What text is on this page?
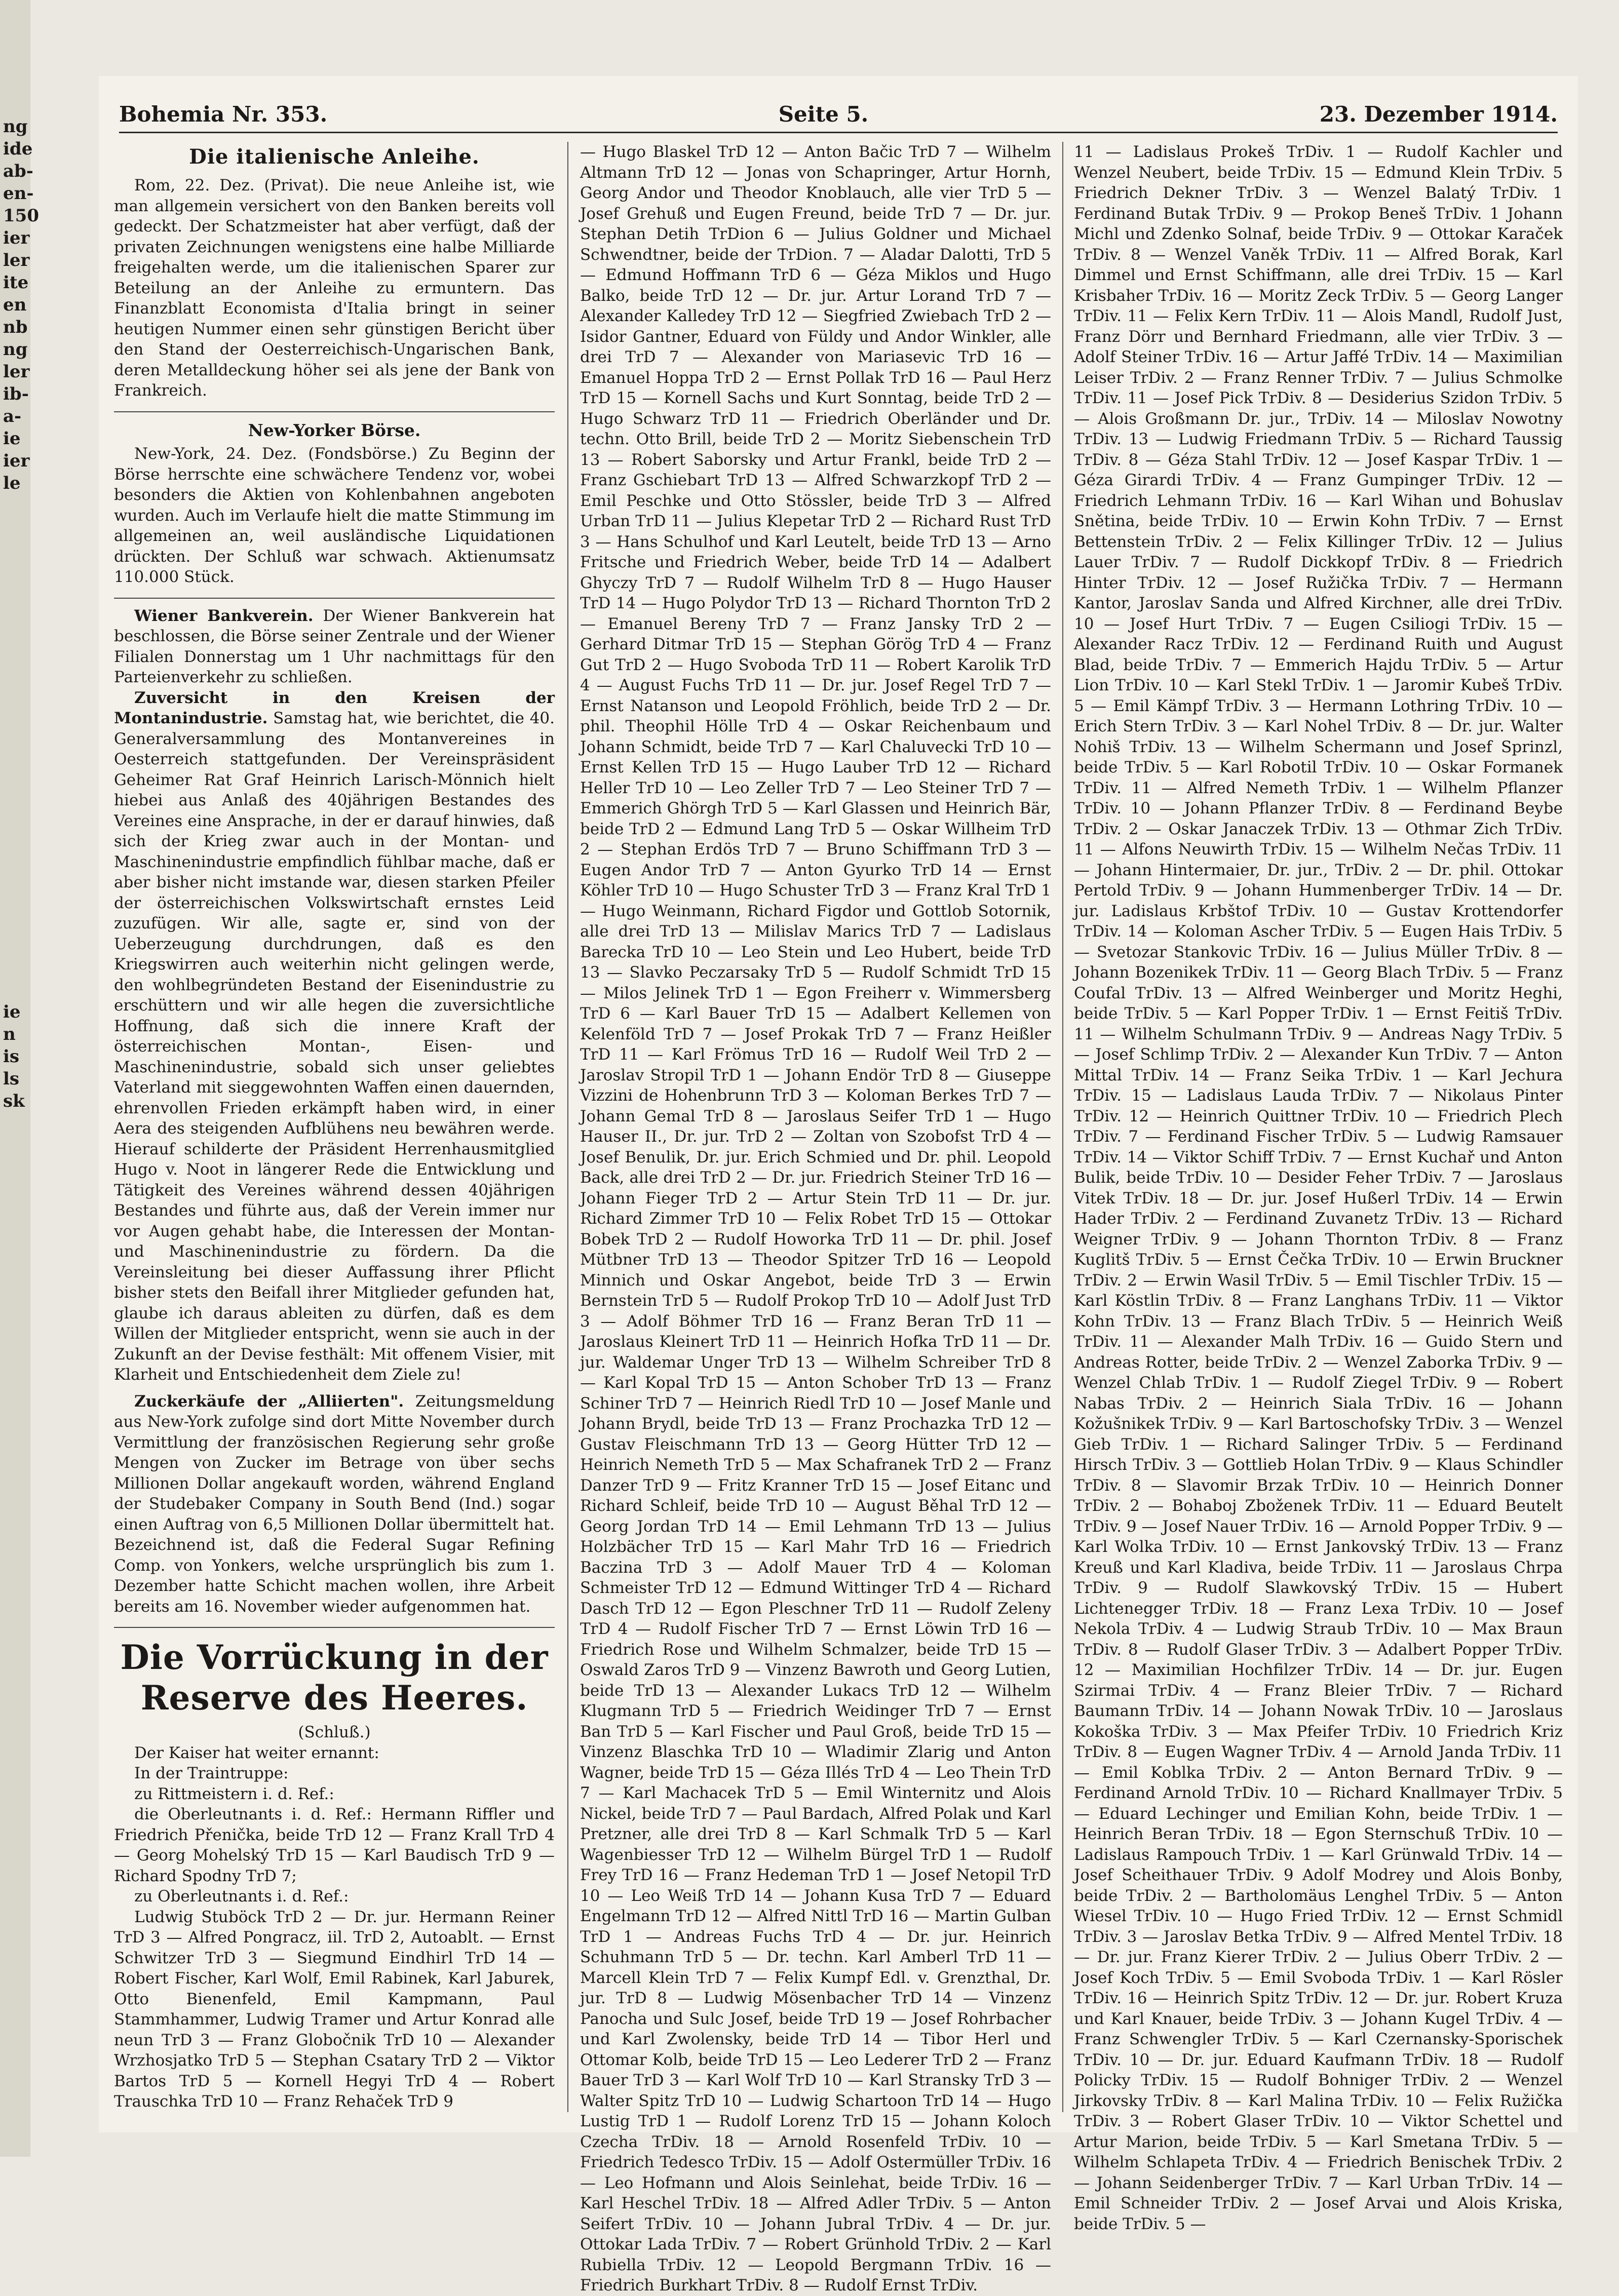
ng
ide
ab-
en-
150
ier
ler
ite
en
nb
ng
ler
ib-
a-
ie
ier
le
ie
n
is
ls
sk
Bohemia Nr. 353.	Seite 5.	23. Dezember 1914.
Die italienische Anleihe.

Rom, 22. Dez. (Privat). Die neue Anleihe ist, wie man allgemein versichert von den Banken bereits voll gedeckt. Der Schatzmeister hat aber verfügt, daß der privaten Zeichnungen wenigstens eine halbe Milliarde freigehalten werde, um die italienischen Sparer zur Beteilung an der Anleihe zu ermuntern. Das Finanzblatt Economista d'Italia bringt in seiner heutigen Nummer einen sehr günstigen Bericht über den Stand der Oesterreichisch-Ungarischen Bank, deren Metalldeckung höher sei als jene der Bank von Frankreich.

New-Yorker Börse.

New-York, 24. Dez. (Fondsbörse.) Zu Beginn der Börse herrschte eine schwächere Tendenz vor, wobei besonders die Aktien von Kohlenbahnen angeboten wurden. Auch im Verlaufe hielt die matte Stimmung im allgemeinen an, weil ausländische Liquidationen drückten. Der Schluß war schwach. Aktienumsatz 110.000 Stück.

Wiener Bankverein. Der Wiener Bankverein hat beschlossen, die Börse seiner Zentrale und der Wiener Filialen Donnerstag um 1 Uhr nachmittags für den Parteienverkehr zu schließen.

Zuversicht in den Kreisen der Montanindustrie. Samstag hat, wie berichtet, die 40. Generalversammlung des Montanvereines in Oesterreich stattgefunden. Der Vereinspräsident Geheimer Rat Graf Heinrich Larisch-Mönnich hielt hiebei aus Anlaß des 40jährigen Bestandes des Vereines eine Ansprache, in der er darauf hinwies, daß sich der Krieg zwar auch in der Montan- und Maschinenindustrie empfindlich fühlbar mache, daß er aber bisher nicht imstande war, diesen starken Pfeiler der österreichischen Volkswirtschaft ernstes Leid zuzufügen. Wir alle, sagte er, sind von der Ueberzeugung durchdrungen, daß es den Kriegswirren auch weiterhin nicht gelingen werde, den wohlbegründeten Bestand der Eisenindustrie zu erschüttern und wir alle hegen die zuversichtliche Hoffnung, daß sich die innere Kraft der österreichischen Montan-, Eisen- und Maschinenindustrie, sobald sich unser geliebtes Vaterland mit sieggewohnten Waffen einen dauernden, ehrenvollen Frieden erkämpft haben wird, in einer Aera des steigenden Aufblühens neu bewähren werde. Hierauf schilderte der Präsident Herrenhausmitglied Hugo v. Noot in längerer Rede die Entwicklung und Tätigkeit des Vereines während dessen 40jährigen Bestandes und führte aus, daß der Verein immer nur vor Augen gehabt habe, die Interessen der Montan- und Maschinenindustrie zu fördern. Da die Vereinsleitung bei dieser Auffassung ihrer Pflicht bisher stets den Beifall ihrer Mitglieder gefunden hat, glaube ich daraus ableiten zu dürfen, daß es dem Willen der Mitglieder entspricht, wenn sie auch in der Zukunft an der Devise festhält: Mit offenem Visier, mit Klarheit und Entschiedenheit dem Ziele zu!

Zuckerkäufe der „Alliierten". Zeitungsmeldung aus New-York zufolge sind dort Mitte November durch Vermittlung der französischen Regierung sehr große Mengen von Zucker im Betrage von über sechs Millionen Dollar angekauft worden, während England der Studebaker Company in South Bend (Ind.) sogar einen Auftrag von 6,5 Millionen Dollar übermittelt hat. Bezeichnend ist, daß die Federal Sugar Refining Comp. von Yonkers, welche ursprünglich bis zum 1. Dezember hatte Schicht machen wollen, ihre Arbeit bereits am 16. November wieder aufgenommen hat.

Die Vorrückung in der Reserve des Heeres.

(Schluß.)

Der Kaiser hat weiter ernannt:

In der Traintruppe:

zu Rittmeistern i. d. Ref.:

die Oberleutnants i. d. Ref.: Hermann Riffler und Friedrich Přenička, beide TrD 12 — Franz Krall TrD 4 — Georg Mohelský TrD 15 — Karl Baudisch TrD 9 — Richard Spodny TrD 7;

zu Oberleutnants i. d. Ref.:

Ludwig Stuböck TrD 2 — Dr. jur. Hermann Reiner TrD 3 — Alfred Pongracz, iil. TrD 2, Autoablt. — Ernst Schwitzer TrD 3 — Siegmund Eindhirl TrD 14 — Robert Fischer, Karl Wolf, Emil Rabinek, Karl Jaburek, Otto Bienenfeld, Emil Kampmann, Paul Stammhammer, Ludwig Tramer und Artur Konrad alle neun TrD 3 — Franz Globočnik TrD 10 — Alexander Wrzhosjatko TrD 5 — Stephan Csatary TrD 2 — Viktor Bartos TrD 5 — Kornell Hegyi TrD 4 — Robert Trauschka TrD 10 — Franz Rehaček TrD 9

— Hugo Blaskel TrD 12 — Anton Bačic TrD 7 — Wilhelm Altmann TrD 12 — Jonas von Schapringer, Artur Hornh, Georg Andor und Theodor Knoblauch, alle vier TrD 5 — Josef Grehuß und Eugen Freund, beide TrD 7 — Dr. jur. Stephan Detih TrDion 6 — Julius Goldner und Michael Schwendtner, beide der TrDion. 7 — Aladar Dalotti, TrD 5 — Edmund Hoffmann TrD 6 — Géza Miklos und Hugo Balko, beide TrD 12 — Dr. jur. Artur Lorand TrD 7 — Alexander Kalledey TrD 12 — Siegfried Zwiebach TrD 2 — Isidor Gantner, Eduard von Füldy und Andor Winkler, alle drei TrD 7 — Alexander von Mariasevic TrD 16 — Emanuel Hoppa TrD 2 — Ernst Pollak TrD 16 — Paul Herz TrD 15 — Kornell Sachs und Kurt Sonntag, beide TrD 2 — Hugo Schwarz TrD 11 — Friedrich Oberländer und Dr. techn. Otto Brill, beide TrD 2 — Moritz Siebenschein TrD 13 — Robert Saborsky und Artur Frankl, beide TrD 2 — Franz Gschiebart TrD 13 — Alfred Schwarzkopf TrD 2 — Emil Peschke und Otto Stössler, beide TrD 3 — Alfred Urban TrD 11 — Julius Klepetar TrD 2 — Richard Rust TrD 3 — Hans Schulhof und Karl Leutelt, beide TrD 13 — Arno Fritsche und Friedrich Weber, beide TrD 14 — Adalbert Ghyczy TrD 7 — Rudolf Wilhelm TrD 8 — Hugo Hauser TrD 14 — Hugo Polydor TrD 13 — Richard Thornton TrD 2 — Emanuel Bereny TrD 7 — Franz Jansky TrD 2 — Gerhard Ditmar TrD 15 — Stephan Görög TrD 4 — Franz Gut TrD 2 — Hugo Svoboda TrD 11 — Robert Karolik TrD 4 — August Fuchs TrD 11 — Dr. jur. Josef Regel TrD 7 — Ernst Natanson und Leopold Fröhlich, beide TrD 2 — Dr. phil. Theophil Hölle TrD 4 — Oskar Reichenbaum und Johann Schmidt, beide TrD 7 — Karl Chaluvecki TrD 10 — Ernst Kellen TrD 15 — Hugo Lauber TrD 12 — Richard Heller TrD 10 — Leo Zeller TrD 7 — Leo Steiner TrD 7 — Emmerich Ghörgh TrD 5 — Karl Glassen und Heinrich Bär, beide TrD 2 — Edmund Lang TrD 5 — Oskar Willheim TrD 2 — Stephan Erdös TrD 7 — Bruno Schiffmann TrD 3 — Eugen Andor TrD 7 — Anton Gyurko TrD 14 — Ernst Köhler TrD 10 — Hugo Schuster TrD 3 — Franz Kral TrD 1 — Hugo Weinmann, Richard Figdor und Gottlob Sotornik, alle drei TrD 13 — Milislav Marics TrD 7 — Ladislaus Barecka TrD 10 — Leo Stein und Leo Hubert, beide TrD 13 — Slavko Peczarsaky TrD 5 — Rudolf Schmidt TrD 15 — Milos Jelinek TrD 1 — Egon Freiherr v. Wimmersberg TrD 6 — Karl Bauer TrD 15 — Adalbert Kellemen von Kelenföld TrD 7 — Josef Prokak TrD 7 — Franz Heißler TrD 11 — Karl Frömus TrD 16 — Rudolf Weil TrD 2 — Jaroslav Stropil TrD 1 — Johann Endör TrD 8 — Giuseppe Vizzini de Hohenbrunn TrD 3 — Koloman Berkes TrD 7 — Johann Gemal TrD 8 — Jaroslaus Seifer TrD 1 — Hugo Hauser II., Dr. jur. TrD 2 — Zoltan von Szobofst TrD 4 — Josef Benulik, Dr. jur. Erich Schmied und Dr. phil. Leopold Back, alle drei TrD 2 — Dr. jur. Friedrich Steiner TrD 16 — Johann Fieger TrD 2 — Artur Stein TrD 11 — Dr. jur. Richard Zimmer TrD 10 — Felix Robet TrD 15 — Ottokar Bobek TrD 2 — Rudolf Howorka TrD 11 — Dr. phil. Josef Mütbner TrD 13 — Theodor Spitzer TrD 16 — Leopold Minnich und Oskar Angebot, beide TrD 3 — Erwin Bernstein TrD 5 — Rudolf Prokop TrD 10 — Adolf Just TrD 3 — Adolf Böhmer TrD 16 — Franz Beran TrD 11 — Jaroslaus Kleinert TrD 11 — Heinrich Hofka TrD 11 — Dr. jur. Waldemar Unger TrD 13 — Wilhelm Schreiber TrD 8 — Karl Kopal TrD 15 — Anton Schober TrD 13 — Franz Schiner TrD 7 — Heinrich Riedl TrD 10 — Josef Manle und Johann Brydl, beide TrD 13 — Franz Prochazka TrD 12 — Gustav Fleischmann TrD 13 — Georg Hütter TrD 12 — Heinrich Nemeth TrD 5 — Max Schafranek TrD 2 — Franz Danzer TrD 9 — Fritz Kranner TrD 15 — Josef Eitanc und Richard Schleif, beide TrD 10 — August Běhal TrD 12 — Georg Jordan TrD 14 — Emil Lehmann TrD 13 — Julius Holzbächer TrD 15 — Karl Mahr TrD 16 — Friedrich Baczina TrD 3 — Adolf Mauer TrD 4 — Koloman Schmeister TrD 12 — Edmund Wittinger TrD 4 — Richard Dasch TrD 12 — Egon Pleschner TrD 11 — Rudolf Zeleny TrD 4 — Rudolf Fischer TrD 7 — Ernst Löwin TrD 16 — Friedrich Rose und Wilhelm Schmalzer, beide TrD 15 — Oswald Zaros TrD 9 — Vinzenz Bawroth und Georg Lutien, beide TrD 13 — Alexander Lukacs TrD 12 — Wilhelm Klugmann TrD 5 — Friedrich Weidinger TrD 7 — Ernst Ban TrD 5 — Karl Fischer und Paul Groß, beide TrD 15 — Vinzenz Blaschka TrD 10 — Wladimir Zlarig und Anton Wagner, beide TrD 15 — Géza Illés TrD 4 — Leo Thein TrD 7 — Karl Machacek TrD 5 — Emil Winternitz und Alois Nickel, beide TrD 7 — Paul Bardach, Alfred Polak und Karl Pretzner, alle drei TrD 8 — Karl Schmalk TrD 5 — Karl Wagenbiesser TrD 12 — Wilhelm Bürgel TrD 1 — Rudolf Frey TrD 16 — Franz Hedeman TrD 1 — Josef Netopil TrD 10 — Leo Weiß TrD 14 — Johann Kusa TrD 7 — Eduard Engelmann TrD 12 — Alfred Nittl TrD 16 — Martin Gulban TrD 1 — Andreas Fuchs TrD 4 — Dr. jur. Heinrich Schuhmann TrD 5 — Dr. techn. Karl Amberl TrD 11 — Marcell Klein TrD 7 — Felix Kumpf Edl. v. Grenzthal, Dr. jur. TrD 8 — Ludwig Mösenbacher TrD 14 — Vinzenz Panocha und Sulc Josef, beide TrD 19 — Josef Rohrbacher und Karl Zwolensky, beide TrD 14 — Tibor Herl und Ottomar Kolb, beide TrD 15 — Leo Lederer TrD 2 — Franz Bauer TrD 3 — Karl Wolf TrD 10 — Karl Stransky TrD 3 — Walter Spitz TrD 10 — Ludwig Schartoon TrD 14 — Hugo Lustig TrD 1 — Rudolf Lorenz TrD 15 — Johann Koloch Czecha TrDiv. 18 — Arnold Rosenfeld TrDiv. 10 — Friedrich Tedesco TrDiv. 15 — Adolf Ostermüller TrDiv. 16 — Leo Hofmann und Alois Seinlehat, beide TrDiv. 16 — Karl Heschel TrDiv. 18 — Alfred Adler TrDiv. 5 — Anton Seifert TrDiv. 10 — Johann Jubral TrDiv. 4 — Dr. jur. Ottokar Lada TrDiv. 7 — Robert Grünhold TrDiv. 2 — Karl Rubiella TrDiv. 12 — Leopold Bergmann TrDiv. 16 — Friedrich Burkhart TrDiv. 8 — Rudolf Ernst TrDiv.

11 — Ladislaus Prokeš TrDiv. 1 — Rudolf Kachler und Wenzel Neubert, beide TrDiv. 15 — Edmund Klein TrDiv. 5 Friedrich Dekner TrDiv. 3 — Wenzel Balatý TrDiv. 1 Ferdinand Butak TrDiv. 9 — Prokop Beneš TrDiv. 1 Johann Michl und Zdenko Solnaf, beide TrDiv. 9 — Ottokar Karaček TrDiv. 8 — Wenzel Vaněk TrDiv. 11 — Alfred Borak, Karl Dimmel und Ernst Schiffmann, alle drei TrDiv. 15 — Karl Krisbaher TrDiv. 16 — Moritz Zeck TrDiv. 5 — Georg Langer TrDiv. 11 — Felix Kern TrDiv. 11 — Alois Mandl, Rudolf Just, Franz Dörr und Bernhard Friedmann, alle vier TrDiv. 3 — Adolf Steiner TrDiv. 16 — Artur Jaffé TrDiv. 14 — Maximilian Leiser TrDiv. 2 — Franz Renner TrDiv. 7 — Julius Schmolke TrDiv. 11 — Josef Pick TrDiv. 8 — Desiderius Szidon TrDiv. 5 — Alois Großmann Dr. jur., TrDiv. 14 — Miloslav Nowotny TrDiv. 13 — Ludwig Friedmann TrDiv. 5 — Richard Taussig TrDiv. 8 — Géza Stahl TrDiv. 12 — Josef Kaspar TrDiv. 1 — Géza Girardi TrDiv. 4 — Franz Gumpinger TrDiv. 12 — Friedrich Lehmann TrDiv. 16 — Karl Wihan und Bohuslav Snětina, beide TrDiv. 10 — Erwin Kohn TrDiv. 7 — Ernst Bettenstein TrDiv. 2 — Felix Killinger TrDiv. 12 — Julius Lauer TrDiv. 7 — Rudolf Dickkopf TrDiv. 8 — Friedrich Hinter TrDiv. 12 — Josef Ružička TrDiv. 7 — Hermann Kantor, Jaroslav Sanda und Alfred Kirchner, alle drei TrDiv. 10 — Josef Hurt TrDiv. 7 — Eugen Csiliogi TrDiv. 15 — Alexander Racz TrDiv. 12 — Ferdinand Ruith und August Blad, beide TrDiv. 7 — Emmerich Hajdu TrDiv. 5 — Artur Lion TrDiv. 10 — Karl Stekl TrDiv. 1 — Jaromir Kubeš TrDiv. 5 — Emil Kämpf TrDiv. 3 — Hermann Lothring TrDiv. 10 — Erich Stern TrDiv. 3 — Karl Nohel TrDiv. 8 — Dr. jur. Walter Nohiš TrDiv. 13 — Wilhelm Schermann und Josef Sprinzl, beide TrDiv. 5 — Karl Robotil TrDiv. 10 — Oskar Formanek TrDiv. 11 — Alfred Nemeth TrDiv. 1 — Wilhelm Pflanzer TrDiv. 10 — Johann Pflanzer TrDiv. 8 — Ferdinand Beybe TrDiv. 2 — Oskar Janaczek TrDiv. 13 — Othmar Zich TrDiv. 11 — Alfons Neuwirth TrDiv. 15 — Wilhelm Nečas TrDiv. 11 — Johann Hintermaier, Dr. jur., TrDiv. 2 — Dr. phil. Ottokar Pertold TrDiv. 9 — Johann Hummenberger TrDiv. 14 — Dr. jur. Ladislaus Krbštof TrDiv. 10 — Gustav Krottendorfer TrDiv. 14 — Koloman Ascher TrDiv. 5 — Eugen Hais TrDiv. 5 — Svetozar Stankovic TrDiv. 16 — Julius Müller TrDiv. 8 — Johann Bozenikek TrDiv. 11 — Georg Blach TrDiv. 5 — Franz Coufal TrDiv. 13 — Alfred Weinberger und Moritz Heghi, beide TrDiv. 5 — Karl Popper TrDiv. 1 — Ernst Feitiš TrDiv. 11 — Wilhelm Schulmann TrDiv. 9 — Andreas Nagy TrDiv. 5 — Josef Schlimp TrDiv. 2 — Alexander Kun TrDiv. 7 — Anton Mittal TrDiv. 14 — Franz Seika TrDiv. 1 — Karl Jechura TrDiv. 15 — Ladislaus Lauda TrDiv. 7 — Nikolaus Pinter TrDiv. 12 — Heinrich Quittner TrDiv. 10 — Friedrich Plech TrDiv. 7 — Ferdinand Fischer TrDiv. 5 — Ludwig Ramsauer TrDiv. 14 — Viktor Schiff TrDiv. 7 — Ernst Kuchař und Anton Bulik, beide TrDiv. 10 — Desider Feher TrDiv. 7 — Jaroslaus Vitek TrDiv. 18 — Dr. jur. Josef Hußerl TrDiv. 14 — Erwin Hader TrDiv. 2 — Ferdinand Zuvanetz TrDiv. 13 — Richard Weigner TrDiv. 9 — Johann Thornton TrDiv. 8 — Franz Kuglitš TrDiv. 5 — Ernst Čečka TrDiv. 10 — Erwin Bruckner TrDiv. 2 — Erwin Wasil TrDiv. 5 — Emil Tischler TrDiv. 15 — Karl Köstlin TrDiv. 8 — Franz Langhans TrDiv. 11 — Viktor Kohn TrDiv. 13 — Franz Blach TrDiv. 5 — Heinrich Weiß TrDiv. 11 — Alexander Malh TrDiv. 16 — Guido Stern und Andreas Rotter, beide TrDiv. 2 — Wenzel Zaborka TrDiv. 9 — Wenzel Chlab TrDiv. 1 — Rudolf Ziegel TrDiv. 9 — Robert Nabas TrDiv. 2 — Heinrich Siala TrDiv. 16 — Johann Kožušnikek TrDiv. 9 — Karl Bartoschofsky TrDiv. 3 — Wenzel Gieb TrDiv. 1 — Richard Salinger TrDiv. 5 — Ferdinand Hirsch TrDiv. 3 — Gottlieb Holan TrDiv. 9 — Klaus Schindler TrDiv. 8 — Slavomir Brzak TrDiv. 10 — Heinrich Donner TrDiv. 2 — Bohaboj Zboženek TrDiv. 11 — Eduard Beutelt TrDiv. 9 — Josef Nauer TrDiv. 16 — Arnold Popper TrDiv. 9 — Karl Wolka TrDiv. 10 — Ernst Jankovský TrDiv. 13 — Franz Kreuß und Karl Kladiva, beide TrDiv. 11 — Jaroslaus Chrpa TrDiv. 9 — Rudolf Slawkovský TrDiv. 15 — Hubert Lichtenegger TrDiv. 18 — Franz Lexa TrDiv. 10 — Josef Nekola TrDiv. 4 — Ludwig Straub TrDiv. 10 — Max Braun TrDiv. 8 — Rudolf Glaser TrDiv. 3 — Adalbert Popper TrDiv. 12 — Maximilian Hochfilzer TrDiv. 14 — Dr. jur. Eugen Szirmai TrDiv. 4 — Franz Bleier TrDiv. 7 — Richard Baumann TrDiv. 14 — Johann Nowak TrDiv. 10 — Jaroslaus Kokoška TrDiv. 3 — Max Pfeifer TrDiv. 10 Friedrich Kriz TrDiv. 8 — Eugen Wagner TrDiv. 4 — Arnold Janda TrDiv. 11 — Emil Koblka TrDiv. 2 — Anton Bernard TrDiv. 9 — Ferdinand Arnold TrDiv. 10 — Richard Knallmayer TrDiv. 5 — Eduard Lechinger und Emilian Kohn, beide TrDiv. 1 — Heinrich Beran TrDiv. 18 — Egon Sternschuß TrDiv. 10 — Ladislaus Rampouch TrDiv. 1 — Karl Grünwald TrDiv. 14 — Josef Scheithauer TrDiv. 9 Adolf Modrey und Alois Bonby, beide TrDiv. 2 — Bartholomäus Lenghel TrDiv. 5 — Anton Wiesel TrDiv. 10 — Hugo Fried TrDiv. 12 — Ernst Schmidl TrDiv. 3 — Jaroslav Betka TrDiv. 9 — Alfred Mentel TrDiv. 18 — Dr. jur. Franz Kierer TrDiv. 2 — Julius Oberr TrDiv. 2 — Josef Koch TrDiv. 5 — Emil Svoboda TrDiv. 1 — Karl Rösler TrDiv. 16 — Heinrich Spitz TrDiv. 12 — Dr. jur. Robert Kruza und Karl Knauer, beide TrDiv. 3 — Johann Kugel TrDiv. 4 — Franz Schwengler TrDiv. 5 — Karl Czernansky-Sporischek TrDiv. 10 — Dr. jur. Eduard Kaufmann TrDiv. 18 — Rudolf Policky TrDiv. 15 — Rudolf Bohniger TrDiv. 2 — Wenzel Jirkovsky TrDiv. 8 — Karl Malina TrDiv. 10 — Felix Ružička TrDiv. 3 — Robert Glaser TrDiv. 10 — Viktor Schettel und Artur Marion, beide TrDiv. 5 — Karl Smetana TrDiv. 5 — Wilhelm Schlapeta TrDiv. 4 — Friedrich Benischek TrDiv. 2 — Johann Seidenberger TrDiv. 7 — Karl Urban TrDiv. 14 — Emil Schneider TrDiv. 2 — Josef Arvai und Alois Kriska, beide TrDiv. 5 —
